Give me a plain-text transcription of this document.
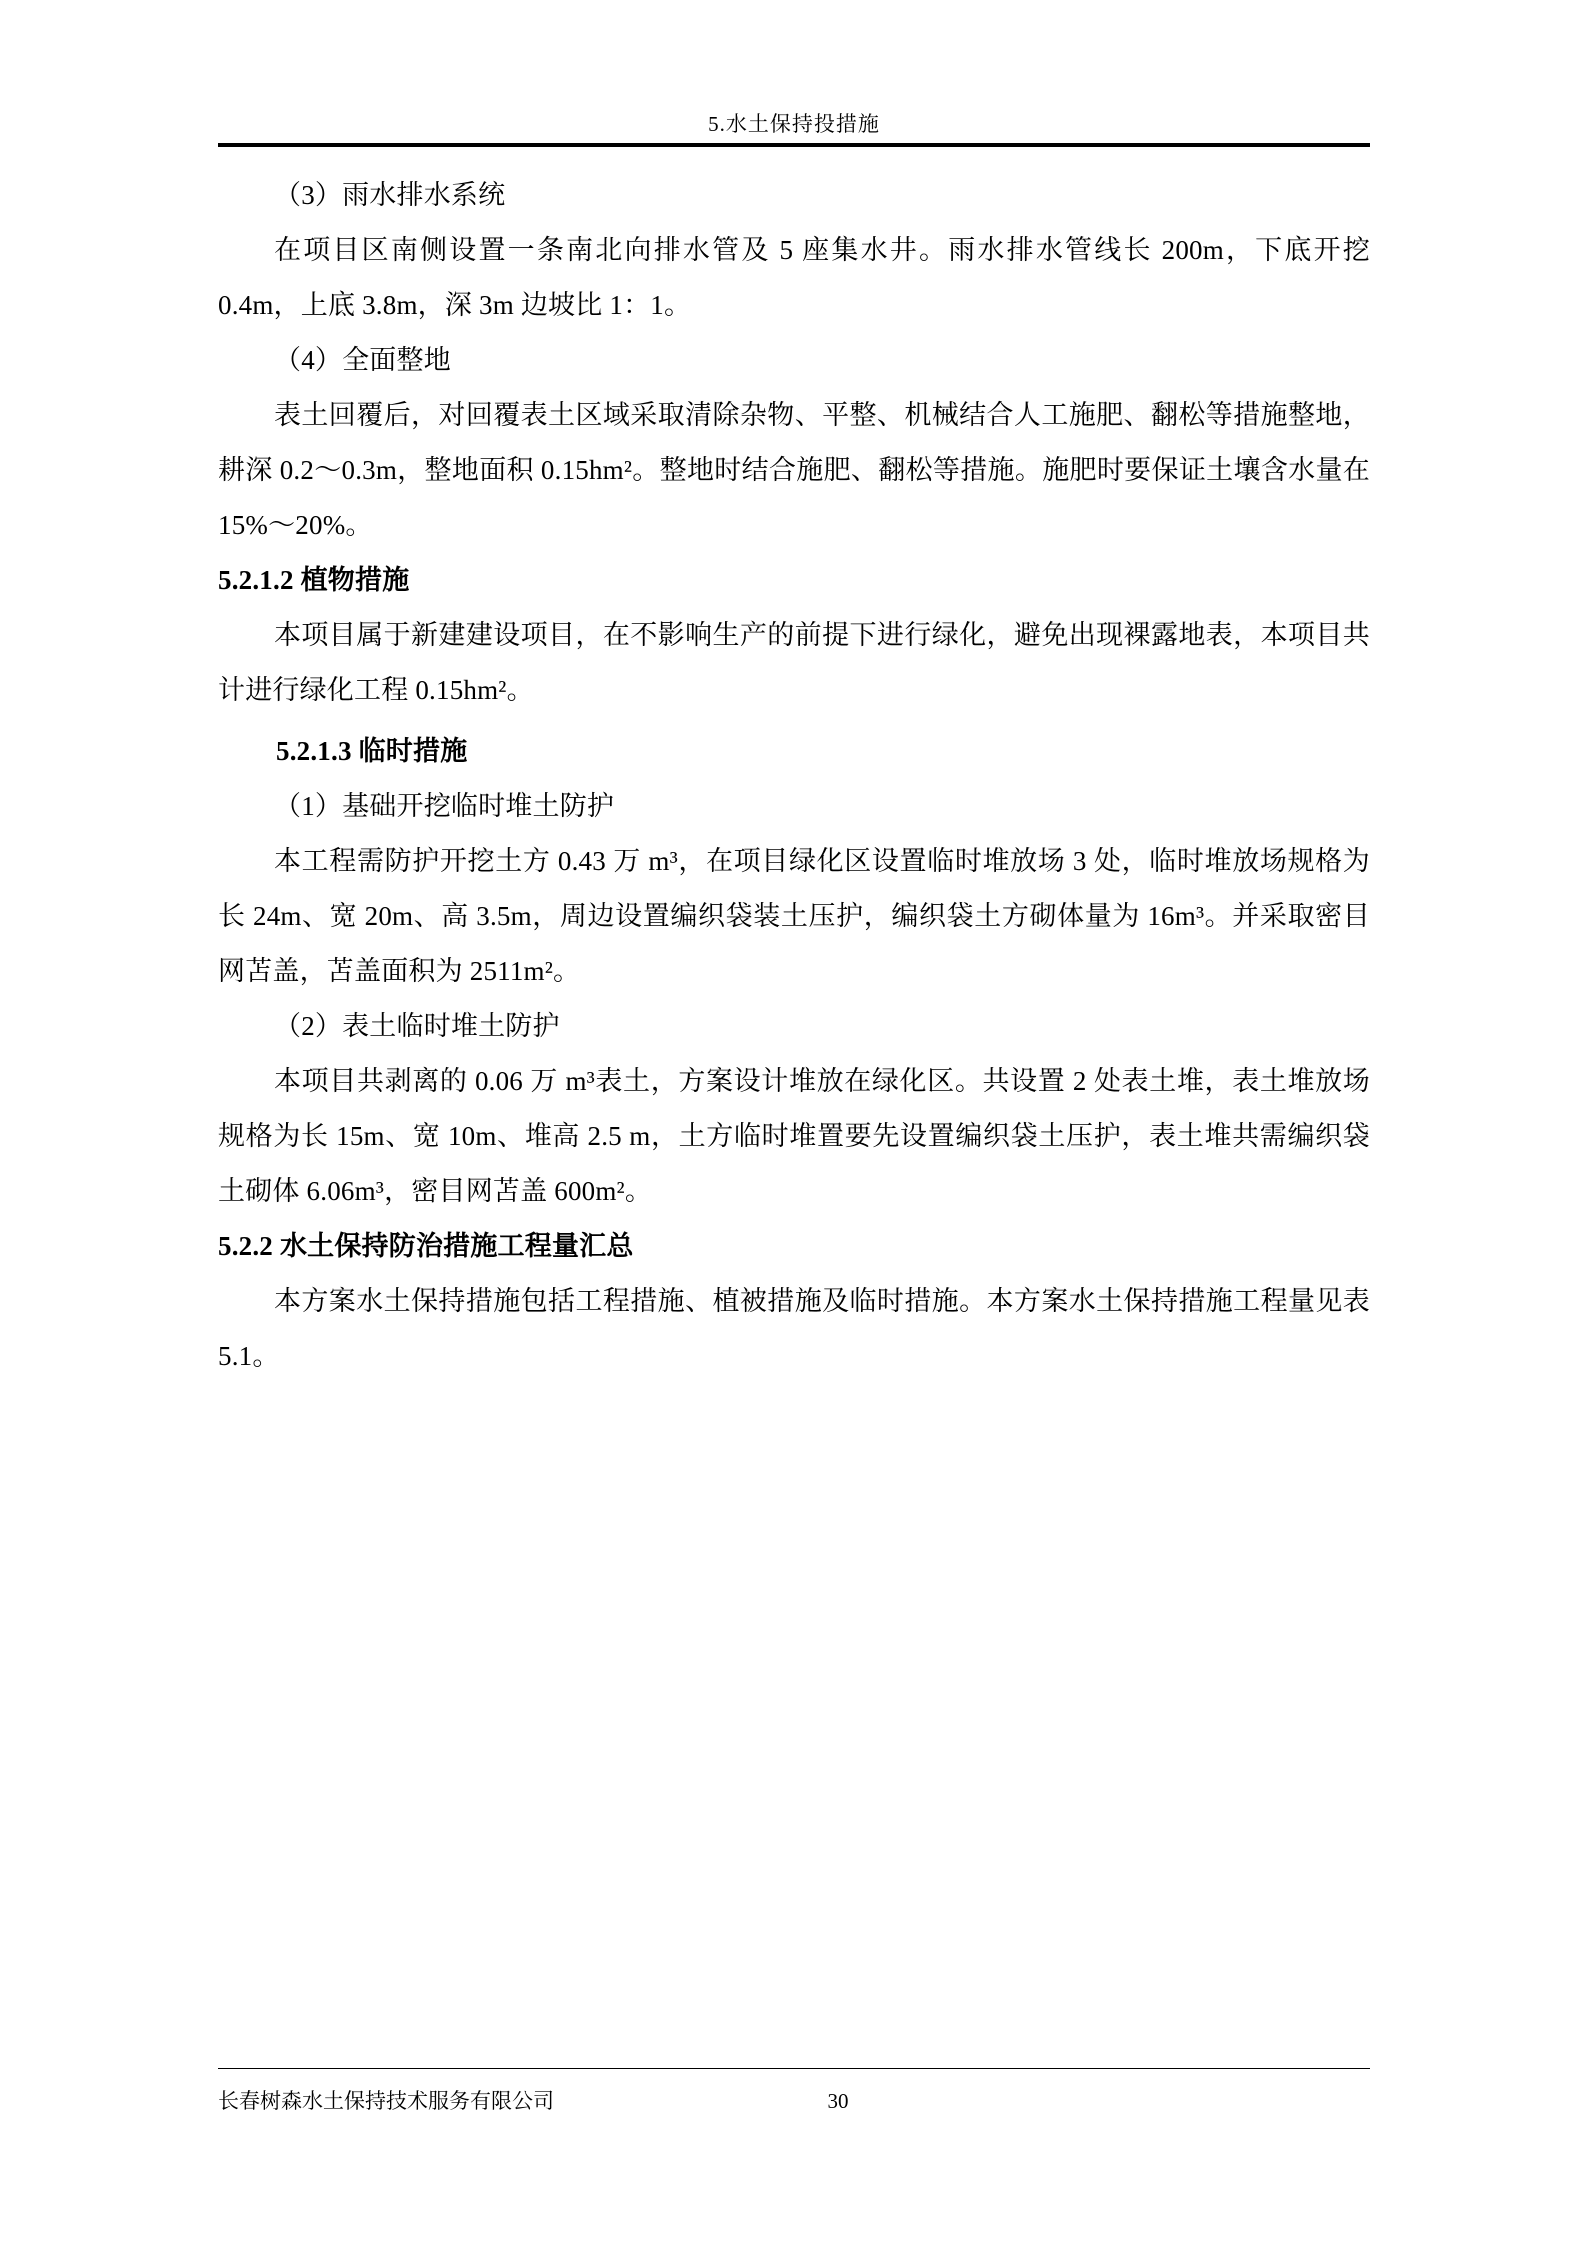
5.水土保持投措施

（3）雨水排水系统

在项目区南侧设置一条南北向排水管及 5 座集水井。雨水排水管线长 200m，下底开挖 0.4m，上底 3.8m，深 3m 边坡比 1：1。

（4）全面整地

表土回覆后，对回覆表土区域采取清除杂物、平整、机械结合人工施肥、翻松等措施整地，耕深 0.2～0.3m，整地面积 0.15hm²。整地时结合施肥、翻松等措施。施肥时要保证土壤含水量在 15%～20%。

5.2.1.2 植物措施

本项目属于新建建设项目，在不影响生产的前提下进行绿化，避免出现裸露地表，本项目共计进行绿化工程 0.15hm²。

5.2.1.3 临时措施

（1）基础开挖临时堆土防护

本工程需防护开挖土方 0.43 万 m³，在项目绿化区设置临时堆放场 3 处，临时堆放场规格为长 24m、宽 20m、高 3.5m，周边设置编织袋装土压护，编织袋土方砌体量为 16m³。并采取密目网苫盖，苫盖面积为 2511m²。

（2）表土临时堆土防护

本项目共剥离的 0.06 万 m³表土，方案设计堆放在绿化区。共设置 2 处表土堆，表土堆放场规格为长 15m、宽 10m、堆高 2.5 m，土方临时堆置要先设置编织袋土压护，表土堆共需编织袋土砌体 6.06m³，密目网苫盖 600m²。

5.2.2 水土保持防治措施工程量汇总

本方案水土保持措施包括工程措施、植被措施及临时措施。本方案水土保持措施工程量见表 5.1。

长春树森水土保持技术服务有限公司	30
